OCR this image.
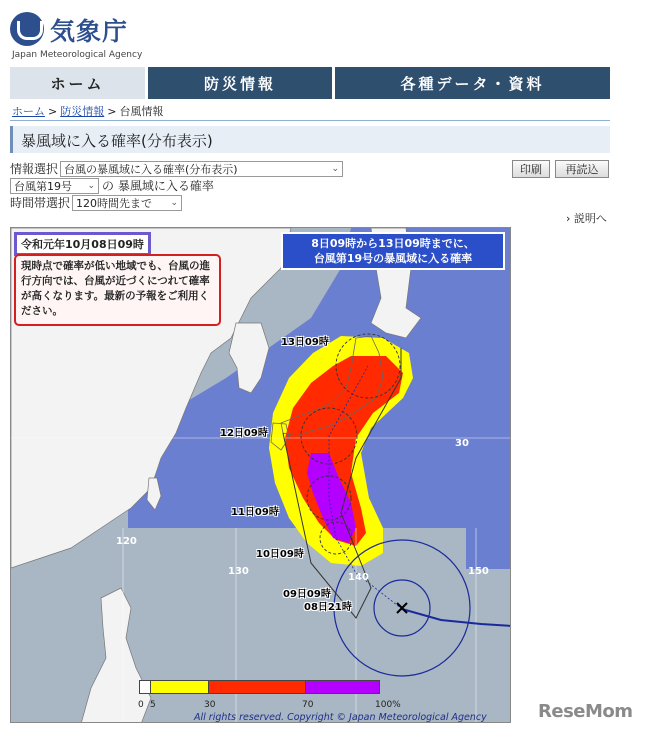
気象庁
Japan Meteorological Agency
ホーム	防災情報	各種データ・資料
ホーム > 防災情報 > 台風情報
暴風域に入る確率(分布表示)
情報選択 台風の暴風域に入る確率(分布表示)	⌄
台風第19号 ⌄ の 暴風域に入る確率
時間帯選択 120時間先まで ⌄
印刷	再読込
› 説明へ
令和元年10月08日09時	8日09時から13日09時までに、
台風第19号の暴風域に入る確率
現時点で確率が低い地域でも、台風の進行方向では、台風が近づくにつれて確率が高くなります。最新の予報をご利用ください。
13日09時
12日09時
11日09時
10日09時
09日09時
08日21時
30
120
130
140
150
0 5	30	70	100%
All rights reserved. Copyright © Japan Meteorological Agency	ReseMom
